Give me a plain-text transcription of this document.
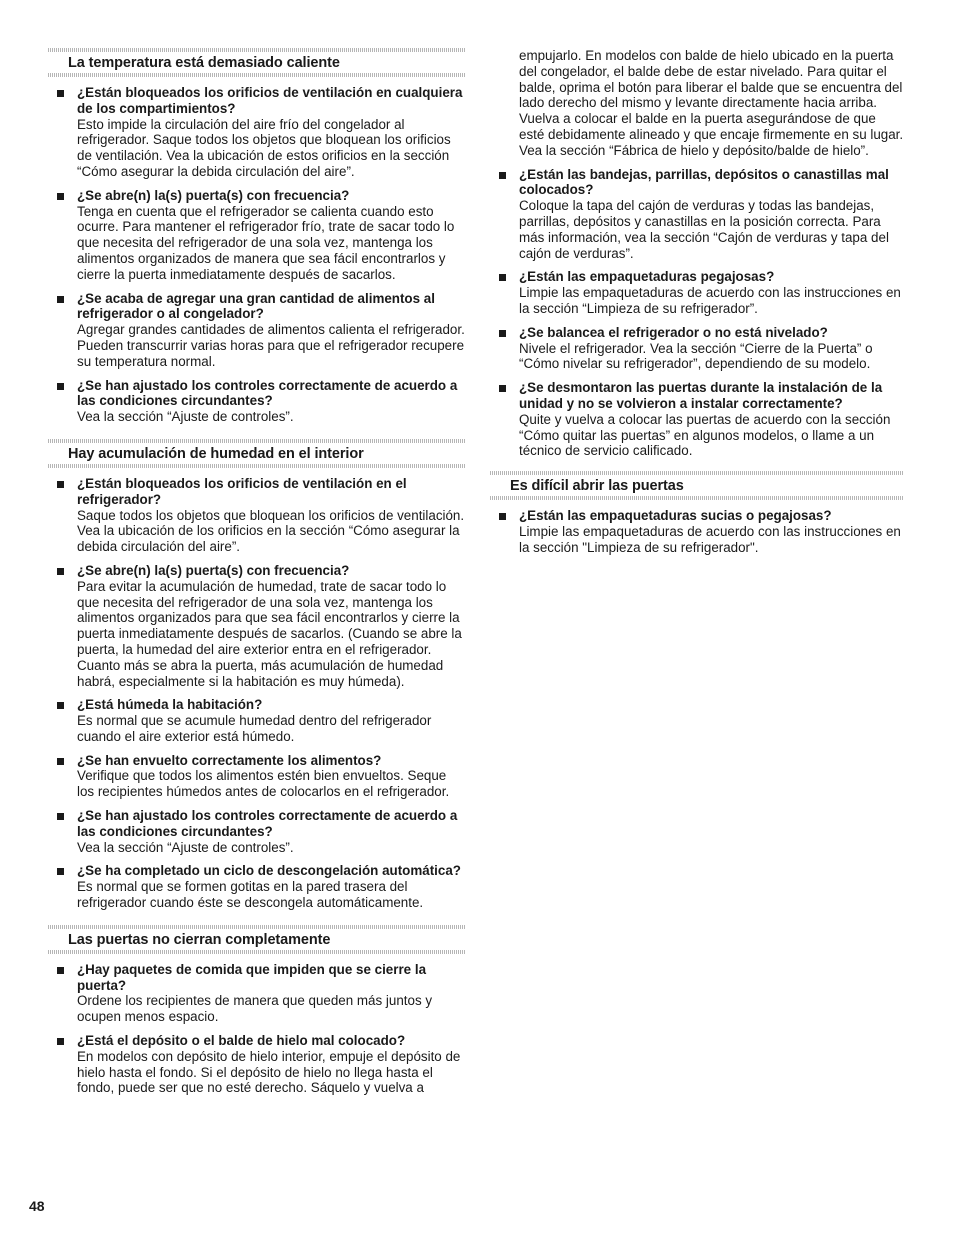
La temperatura está demasiado caliente
¿Están bloqueados los orificios de ventilación en cualquiera de los compartimientos?
Esto impide la circulación del aire frío del congelador al refrigerador. Saque todos los objetos que bloquean los orificios de ventilación. Vea la ubicación de estos orificios en la sección “Cómo asegurar la debida circulación del aire”.
¿Se abre(n) la(s) puerta(s) con frecuencia?
Tenga en cuenta que el refrigerador se calienta cuando esto ocurre. Para mantener el refrigerador frío, trate de sacar todo lo que necesita del refrigerador de una sola vez, mantenga los alimentos organizados de manera que sea fácil encontrarlos y cierre la puerta inmediatamente después de sacarlos.
¿Se acaba de agregar una gran cantidad de alimentos al refrigerador o al congelador?
Agregar grandes cantidades de alimentos calienta el refrigerador. Pueden transcurrir varias horas para que el refrigerador recupere su temperatura normal.
¿Se han ajustado los controles correctamente de acuerdo a las condiciones circundantes?
Vea la sección “Ajuste de controles”.
Hay acumulación de humedad en el interior
¿Están bloqueados los orificios de ventilación en el refrigerador?
Saque todos los objetos que bloquean los orificios de ventilación. Vea la ubicación de los orificios en la sección “Cómo asegurar la debida circulación del aire”.
¿Se abre(n) la(s) puerta(s) con frecuencia?
Para evitar la acumulación de humedad, trate de sacar todo lo que necesita del refrigerador de una sola vez, mantenga los alimentos organizados para que sea fácil encontrarlos y cierre la puerta inmediatamente después de sacarlos. (Cuando se abre la puerta, la humedad del aire exterior entra en el refrigerador. Cuanto más se abra la puerta, más acumulación de humedad habrá, especialmente si la habitación es muy húmeda).
¿Está húmeda la habitación?
Es normal que se acumule humedad dentro del refrigerador cuando el aire exterior está húmedo.
¿Se han envuelto correctamente los alimentos?
Verifique que todos los alimentos estén bien envueltos. Seque los recipientes húmedos antes de colocarlos en el refrigerador.
¿Se han ajustado los controles correctamente de acuerdo a las condiciones circundantes?
Vea la sección “Ajuste de controles”.
¿Se ha completado un ciclo de descongelación automática?
Es normal que se formen gotitas en la pared trasera del refrigerador cuando éste se descongela automáticamente.
Las puertas no cierran completamente
¿Hay paquetes de comida que impiden que se cierre la puerta?
Ordene los recipientes de manera que queden más juntos y ocupen menos espacio.
¿Está el depósito o el balde de hielo mal colocado?
En modelos con depósito de hielo interior, empuje el depósito de hielo hasta el fondo. Si el depósito de hielo no llega hasta el fondo, puede ser que no esté derecho. Sáquelo y vuelva a
empujarlo. En modelos con balde de hielo ubicado en la puerta del congelador, el balde debe de estar nivelado. Para quitar el balde, oprima el botón para liberar el balde que se encuentra del lado derecho del mismo y levante directamente hacia arriba. Vuelva a colocar el balde en la puerta asegurándose de que esté debidamente alineado y que encaje firmemente en su lugar. Vea la sección “Fábrica de hielo y depósito/balde de hielo”.
¿Están las bandejas, parrillas, depósitos o canastillas mal colocados?
Coloque la tapa del cajón de verduras y todas las bandejas, parrillas, depósitos y canastillas en la posición correcta. Para más información, vea la sección “Cajón de verduras y tapa del cajón de verduras”.
¿Están las empaquetaduras pegajosas?
Limpie las empaquetaduras de acuerdo con las instrucciones en la sección “Limpieza de su refrigerador”.
¿Se balancea el refrigerador o no está nivelado?
Nivele el refrigerador. Vea la sección “Cierre de la Puerta” o “Cómo nivelar su refrigerador”, dependiendo de su modelo.
¿Se desmontaron las puertas durante la instalación de la unidad y no se volvieron a instalar correctamente?
Quite y vuelva a colocar las puertas de acuerdo con la sección “Cómo quitar las puertas” en algunos modelos, o llame a un técnico de servicio calificado.
Es difícil abrir las puertas
¿Están las empaquetaduras sucias o pegajosas?
Limpie las empaquetaduras de acuerdo con las instrucciones en la sección "Limpieza de su refrigerador".
48
